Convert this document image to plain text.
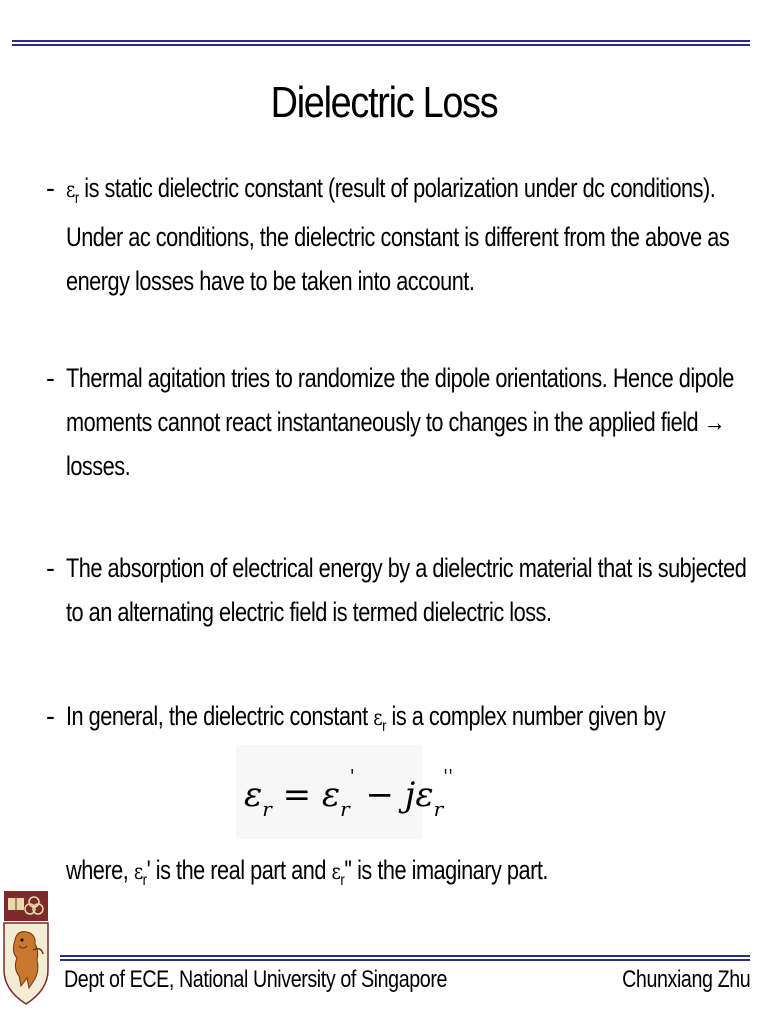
Dielectric Loss
- $\varepsilon_r$ is static dielectric constant (result of polarization under dc conditions). Under ac conditions, the dielectric constant is different from the above as energy losses have to be taken into account.
- Thermal agitation tries to randomize the dipole orientations. Hence dipole moments cannot react instantaneously to changes in the applied field → losses.
- The absorption of electrical energy by a dielectric material that is subjected to an alternating electric field is termed dielectric loss.
- In general, the dielectric constant $\varepsilon_r$ is a complex number given by
$\varepsilon_r = \varepsilon_r' - j\varepsilon_r''$
where, $\varepsilon_r'$ is the real part and $\varepsilon_r''$ is the imaginary part.
Dept of ECE, National University of Singapore	Chunxiang Zhu
